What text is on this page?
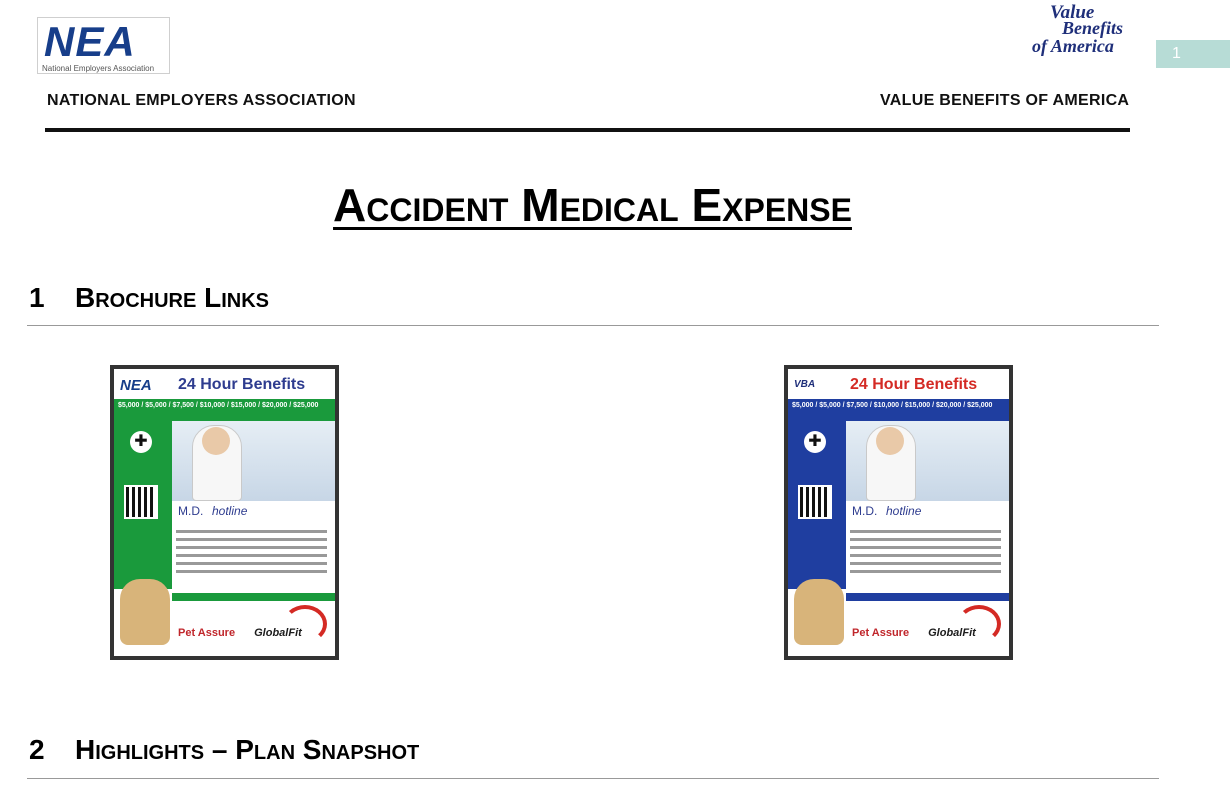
NEA
National Employers Association
Value
Benefits
of America	1
NATIONAL EMPLOYERS ASSOCIATION	VALUE BENEFITS OF AMERICA
Accident Medical Expense
1 Brochure Links
NEA 24 Hour Benefits
$5,000 / $5,000 / $7,500 / $10,000 / $15,000 / $20,000 / $25,000
✚
M.D. hotline
Pet Assure GlobalFit
VBA 24 Hour Benefits
$5,000 / $5,000 / $7,500 / $10,000 / $15,000 / $20,000 / $25,000
✚
M.D. hotline
Pet Assure GlobalFit
2 Highlights – Plan Snapshot
